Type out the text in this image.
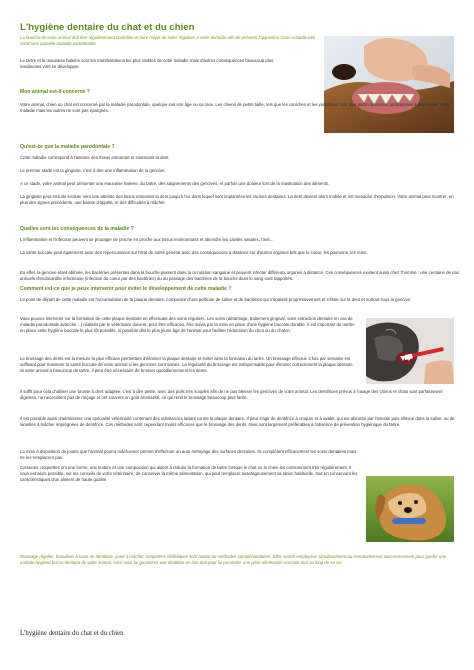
L'hygiène dentaire du chat et du chien

La bouche de votre animal doit être régulièrement contrôlée et faire l'objet de soins réguliers à votre domicile afin de prévenir l'apparition d'une maladie très commune appelée maladie parodontale.

Le tartre et la mauvaise haleine sont les manifestations les plus visibles de cette maladie mais d'autres conséquences beaucoup plus insidieuses vont se développer.

Mon animal est-il concerné ?

Votre animal, chien ou chat est concerné par la maladie parodontale, quelque soit son âge ou sa race. Les chiens de petite taille, tels que les caniches et les yorkshires sont plus particulièrement prédisposés à développer cette maladie mais les autres ne sont pas épargnés.

Qu'est-ce que la maladie parodontale ?

Cette maladie correspond à l'atteinte des tissus entourant et soutenant la dent.

Le premier stade est la gingivite, c'est à dire une inflammation de la gencive.

A ce stade, votre animal peut présenter une mauvaise haleine, du tartre, des saignements des gencives, et parfois une douleur lors de la mastication des aliments.

La gingivite peut ensuite évoluer vers une atteinte des tissus entourant la dent jusqu'à l'os dans lequel sont implantées les racines dentaires. La dent devient alors mobile et est menacée d'expulsion. Votre animal peut montrer, en plus des signes précédents, une baisse d'appétit, et des difficultés à mâcher.

Quelles sont les conséquences de la maladie ?

L'inflammation et l'infection peuvent se propager de proche en proche aux tissus environnants et atteindre les cavités nasales, l'oeil…

La santé buccale peut également avoir des répercussions sur l'état de santé général avec des conséquences à distance sur d'autres organes tels que le coeur, les poumons, les reins.

En effet, la gencive étant abîmée, les bactéries présentes dans la bouche passent dans la circulation sanguine et peuvent infecter différents organes à distance. Ces conséquences existent aussi chez l'homme : une centaine de cas annuels d'endocardite infectieuse (infection du coeur par des bactéries) du au passage des bactéries de la bouche dans le sang sont rapportés.

Comment est-ce que je peux intervenir pour éviter le développement de cette maladie ?

Le point de départ de cette maladie est l'accumulation de la plaque dentaire, composée d'une pellicule de salive et de bactéries qui s'épaissit progressivement et s'étale sur la dent et surtout sous la gencive.

Vous pouvez intervenir sur la formation de cette plaque dentaire en effectuant des soins réguliers. Les soins (détartrage, traitement gingival, voire extraction dentaire en cas de maladie parodontale avancée…) réalisés par le vétérinaire doivent, pour être efficaces, être suivis par la mise en place d'une hygiène buccale durable. Il est important de mettre en place cette hygiène buccale le plus tôt possible, si possible dès le plus jeune âge de l'animal pour faciliter l'éducation du chiot ou du chaton.

Le brossage des dents est la mesure la plus efficace permettant d'éliminer la plaque dentaire et éviter ainsi la formation du tartre. Un brossage effectué 3 fois par semaine est suffisant pour maintenir la santé buccale de votre animal si les gencives sont saines. La régularité du brossage est indispensable pour éliminer correctement la plaque dentaire. Si votre animal a beaucoup de tartre, il peut être nécessaire de brosser quotidiennement les dents.

Il suffit pour cela d'utiliser une brosse à dent adaptée, c'est à dire petite, avec des poils très souples afin de ne pas blesser les gencives de votre animal. Les dentifrices prévus à l'usage des chiens et chats sont parfaitement digestes, ne nécessitent pas de rinçage et ont souvent un goût aromatisé, ce qui rend le brossage beaucoup plus facile.

Il est possible aussi d'administrer une spécialité vétérinaire contenant des substances luttant contre la plaque dentaire. Il peut s'agir de dentifrice à croquer et à avaler, qui est absorbé par l'intestin puis éliminé dans la salive, ou de lamelles à mâcher imprégnées de dentifrice. Ces méthodes sont cependant moins efficaces que le brossage des dents, mais sont largement préférables à l'absence de prévention hygiénique du tartre.

La mise à disposition de jouets que l'animal pourra mâchonner permet d'effectuer un auto-nettoyage des surfaces dentaires. Ils complètent efficacement les soins dentaires mais ne les remplacent pas.

Certaines croquettes ont une forme, une texture et une composition qui aident à réduire la formation de tartre lorsque le chat ou le chien les consomment très régulièrement. Il vous est alors possible, sur les conseils de votre vétérinaire, de conserver la même alimentation, qui peut remplacer avantageusement sa ration habituelle, tout en conservant les caractéristiques d'un aliment de haute qualité.

Brossage régulier, friandises à base de dentifrice, jouet à mâcher, croquettes diététiques sont autant de méthodes complémentaires. Elles seront employées simultanément ou éventuellement successivement pour garder une parfaite hygiène bucco-dentaire de votre animal. Ainsi vous lui garantirez une dentition en bon état pour lui permettre une prise alimentaire normale tout au long de sa vie.

L'hygiène dentaire du chat et du chien
